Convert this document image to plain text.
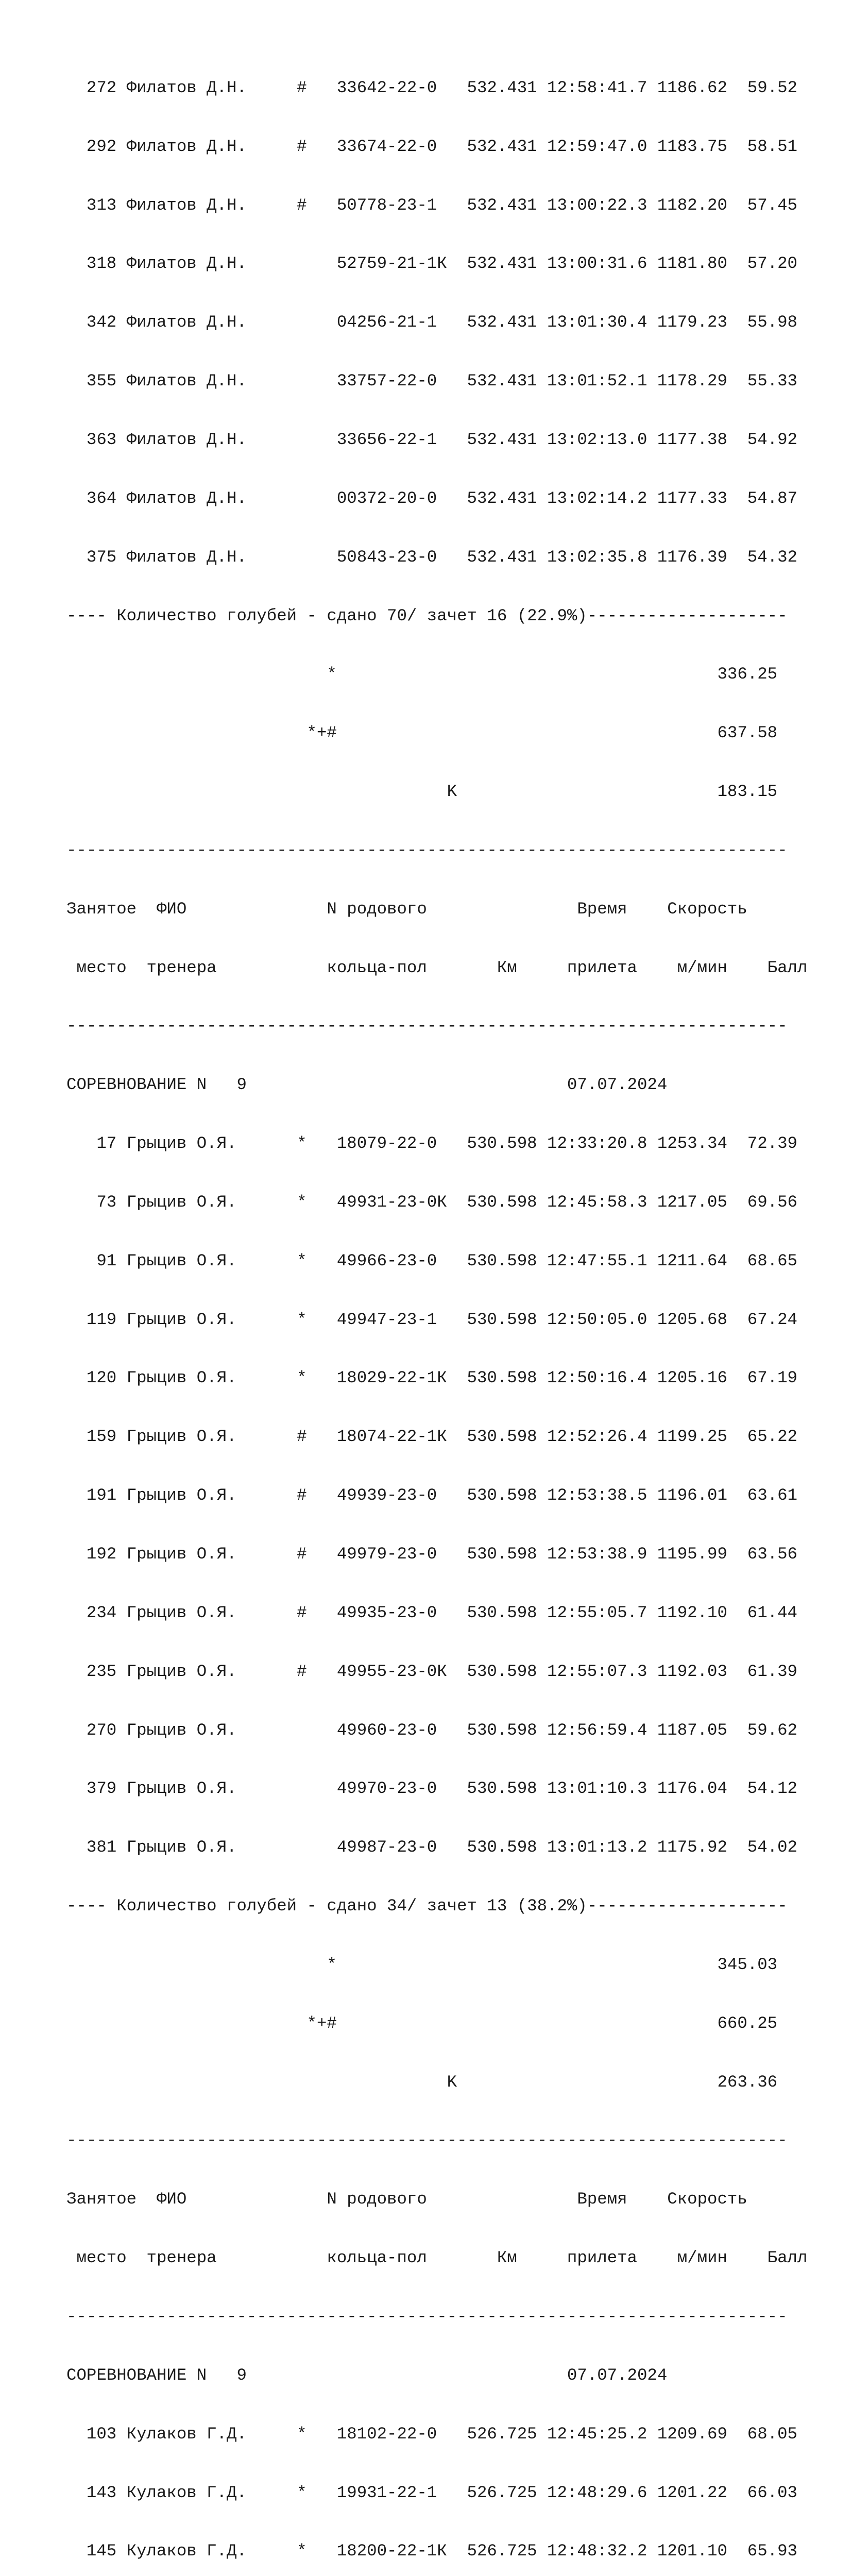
272 Филатов Д.Н.     #   33642-22-0   532.431 12:58:41.7 1186.62  59.52

292 Филатов Д.Н.     #   33674-22-0   532.431 12:59:47.0 1183.75  58.51

313 Филатов Д.Н.     #   50778-23-1   532.431 13:00:22.3 1182.20  57.45

318 Филатов Д.Н.         52759-21-1К  532.431 13:00:31.6 1181.80  57.20

342 Филатов Д.Н.         04256-21-1   532.431 13:01:30.4 1179.23  55.98

355 Филатов Д.Н.         33757-22-0   532.431 13:01:52.1 1178.29  55.33

363 Филатов Д.Н.         33656-22-1   532.431 13:02:13.0 1177.38  54.92

364 Филатов Д.Н.         00372-20-0   532.431 13:02:14.2 1177.33  54.87

375 Филатов Д.Н.         50843-23-0   532.431 13:02:35.8 1176.39  54.32

---- Количество голубей - сдано 70/ зачет 16 (22.9%)--------------------

*                                      336.25

*+#                                      637.58

K                          183.15

------------------------------------------------------------------------

Занятое  ФИО              N родового               Время    Скорость

место  тренера           кольца-пол       Км     прилета    м/мин    Балл

------------------------------------------------------------------------

СОРЕВНОВАНИЕ N   9                                07.07.2024

17 Грыцив О.Я.      *   18079-22-0   530.598 12:33:20.8 1253.34  72.39

73 Грыцив О.Я.      *   49931-23-0К  530.598 12:45:58.3 1217.05  69.56

91 Грыцив О.Я.      *   49966-23-0   530.598 12:47:55.1 1211.64  68.65

119 Грыцив О.Я.      *   49947-23-1   530.598 12:50:05.0 1205.68  67.24

120 Грыцив О.Я.      *   18029-22-1К  530.598 12:50:16.4 1205.16  67.19

159 Грыцив О.Я.      #   18074-22-1К  530.598 12:52:26.4 1199.25  65.22

191 Грыцив О.Я.      #   49939-23-0   530.598 12:53:38.5 1196.01  63.61

192 Грыцив О.Я.      #   49979-23-0   530.598 12:53:38.9 1195.99  63.56

234 Грыцив О.Я.      #   49935-23-0   530.598 12:55:05.7 1192.10  61.44

235 Грыцив О.Я.      #   49955-23-0К  530.598 12:55:07.3 1192.03  61.39

270 Грыцив О.Я.          49960-23-0   530.598 12:56:59.4 1187.05  59.62

379 Грыцив О.Я.          49970-23-0   530.598 13:01:10.3 1176.04  54.12

381 Грыцив О.Я.          49987-23-0   530.598 13:01:13.2 1175.92  54.02

---- Количество голубей - сдано 34/ зачет 13 (38.2%)--------------------

*                                      345.03

*+#                                      660.25

K                          263.36

------------------------------------------------------------------------

Занятое  ФИО              N родового               Время    Скорость

место  тренера           кольца-пол       Км     прилета    м/мин    Балл

------------------------------------------------------------------------

СОРЕВНОВАНИЕ N   9                                07.07.2024

103 Кулаков Г.Д.     *   18102-22-0   526.725 12:45:25.2 1209.69  68.05

143 Кулаков Г.Д.     *   19931-22-1   526.725 12:48:29.6 1201.22  66.03

145 Кулаков Г.Д.     *   18200-22-1К  526.725 12:48:32.2 1201.10  65.93
